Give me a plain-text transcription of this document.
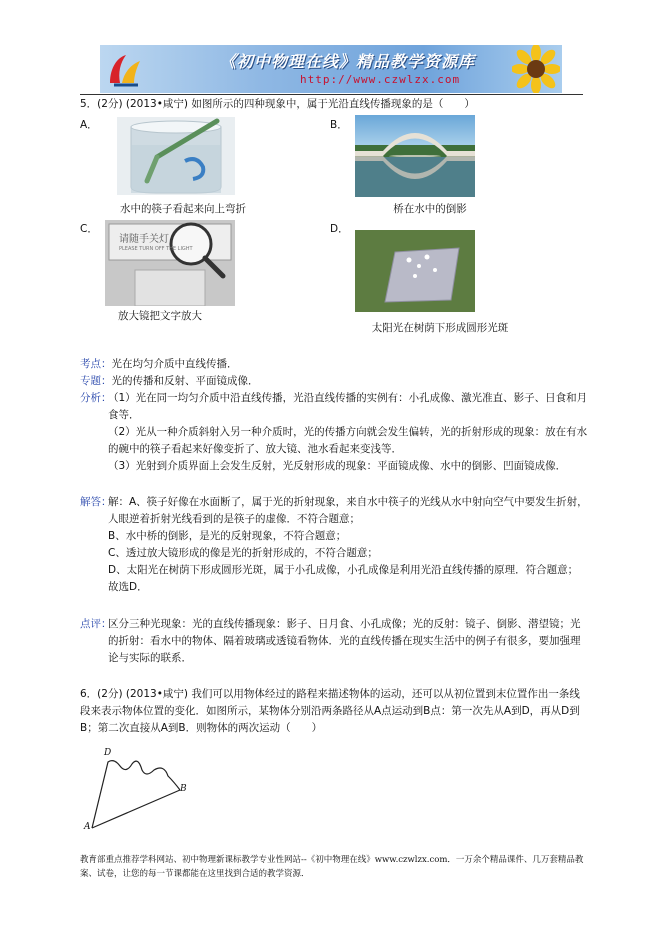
《初中物理在线》精品教学资源库
http://www.czwlzx.com
5．(2分) (2013•咸宁) 如图所示的四种现象中，属于光沿直线传播现象的是（　　）
A．
水中的筷子看起来向上弯折
B．
桥在水中的倒影
C．
请随手关灯
PLEASE TURN OFF THE LIGHT
放大镜把文字放大
D．
太阳光在树荫下形成圆形光斑
考点：光在均匀介质中直线传播．
专题：光的传播和反射、平面镜成像．
分析：
（1）光在同一均匀介质中沿直线传播，光沿直线传播的实例有：小孔成像、激光准直、影子、日食和月食等．
（2）光从一种介质斜射入另一种介质时，光的传播方向就会发生偏转，光的折射形成的现象：放在有水的碗中的筷子看起来好像变折了、放大镜、池水看起来变浅等．
（3）光射到介质界面上会发生反射，光反射形成的现象：平面镜成像、水中的倒影、凹面镜成像．
解答：
解：A、筷子好像在水面断了，属于光的折射现象，来自水中筷子的光线从水中射向空气中要发生折射，人眼逆着折射光线看到的是筷子的虚像．不符合题意；
B、水中桥的倒影，是光的反射现象，不符合题意；
C、透过放大镜形成的像是光的折射形成的，不符合题意；
D、太阳光在树荫下形成圆形光斑，属于小孔成像，小孔成像是利用光沿直线传播的原理．符合题意；
故选D．
点评：
区分三种光现象：光的直线传播现象：影子、日月食、小孔成像；光的反射：镜子、倒影、潜望镜；光的折射：看水中的物体、隔着玻璃或透镜看物体．光的直线传播在现实生活中的例子有很多，要加强理论与实际的联系．
6．(2分) (2013•咸宁) 我们可以用物体经过的路程来描述物体的运动，还可以从初位置到末位置作出一条线段来表示物体位置的变化．如图所示，某物体分别沿两条路径从A点运动到B点：第一次先从A到D，再从D到B；第二次直接从A到B．则物体的两次运动（　　）
D
B
A
教育部重点推荐学科网站、初中物理新课标教学专业性网站--《初中物理在线》www.czwlzx.com．一万余个精品课件、几万套精品教案、试卷，让您的每一节课都能在这里找到合适的教学资源．
